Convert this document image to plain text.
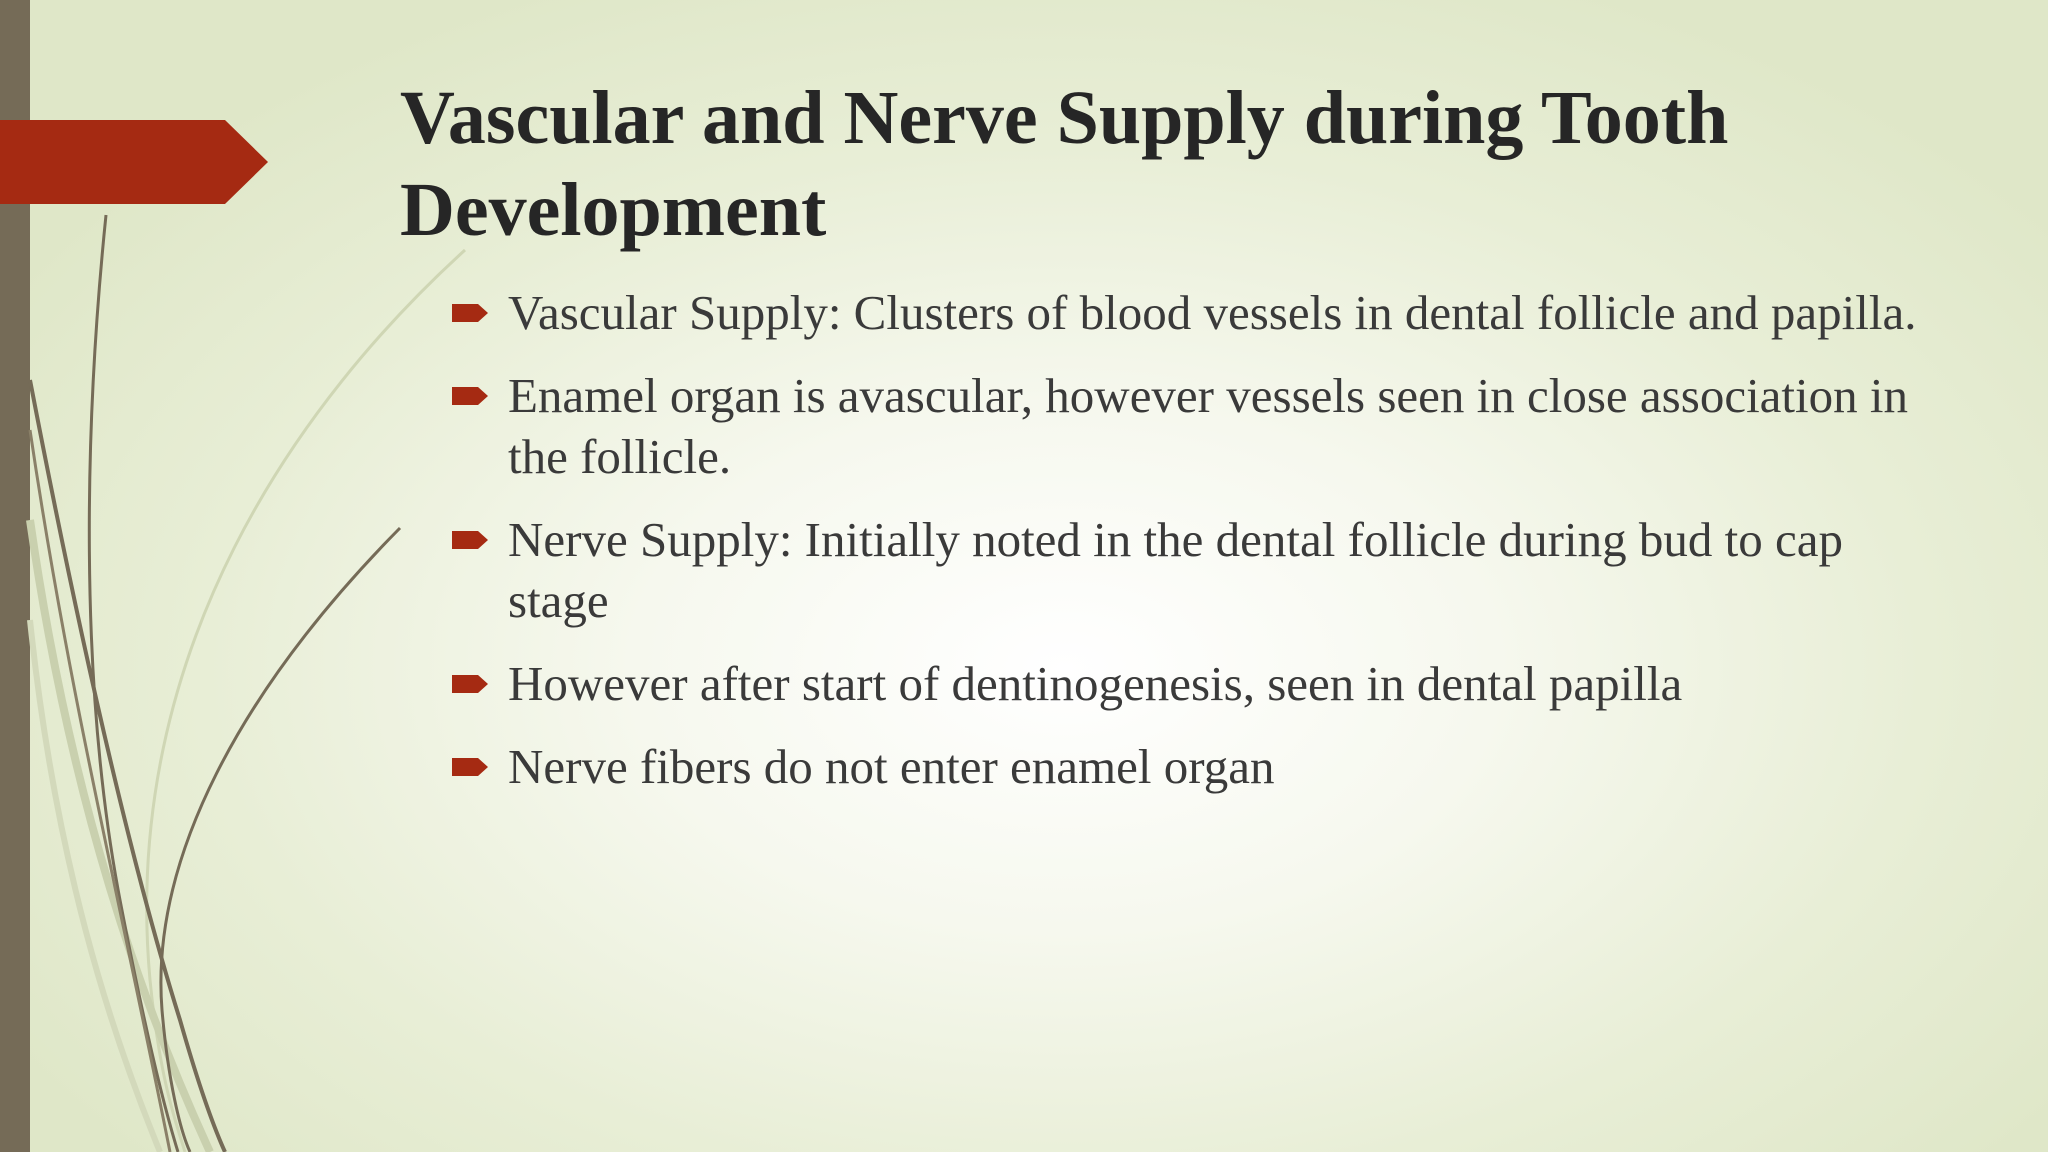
Vascular and Nerve Supply during Tooth Development
Vascular Supply: Clusters of blood vessels in dental follicle and papilla.
Enamel organ is avascular, however vessels seen in close association in the follicle.
Nerve Supply: Initially noted in the dental follicle during bud to cap stage
However after start of dentinogenesis, seen in dental papilla
Nerve fibers do not enter enamel organ
